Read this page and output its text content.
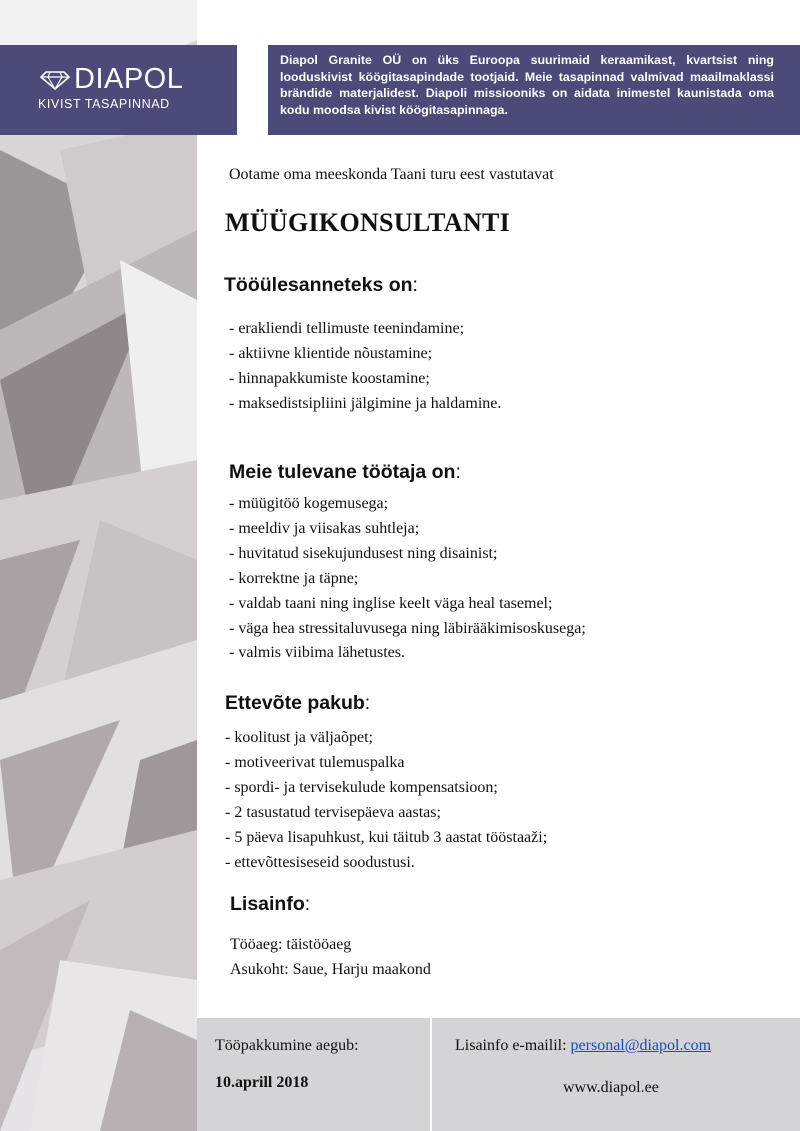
DIAPOL
KIVIST TASAPINNAD

Diapol Granite OÜ on üks Euroopa suurimaid keraamikast, kvartsist ning looduskivist köögitasapindade tootjaid. Meie tasapinnad valmivad maailmaklassi brändide materjalidest. Diapoli missiooniks on aidata inimestel kaunistada oma kodu moodsa kivist köögitasapinnaga.

Ootame oma meeskonda Taani turu eest vastutavat
MÜÜGIKONSULTANTI
Tööülesanneteks on:
- erakliendi tellimuste teenindamine;
- aktiivne klientide nõustamine;
- hinnapakkumiste koostamine;
- maksedistsipliini jälgimine ja haldamine.
Meie tulevane töötaja on:
- müügitöö kogemusega;
- meeldiv ja viisakas suhtleja;
- huvitatud sisekujundusest ning disainist;
- korrektne ja täpne;
- valdab taani ning inglise keelt väga heal tasemel;
- väga hea stressitaluvusega ning läbirääkimisoskusega;
- valmis viibima lähetustes.
Ettevõte pakub:
- koolitust ja väljaõpet;
- motiveerivat tulemuspalka
- spordi- ja tervisekulude kompensatsioon;
- 2 tasustatud tervisepäeva aastas;
- 5 päeva lisapuhkust, kui täitub 3 aastat tööstaaži;
- ettevõttesiseseid soodustusi.
Lisainfo:
Tööaeg: täistööaeg
Asukoht: Saue, Harju maakond
Tööpakkumine aegub:
10.aprill 2018
Lisainfo e-mailil: personal@diapol.com
www.diapol.ee
